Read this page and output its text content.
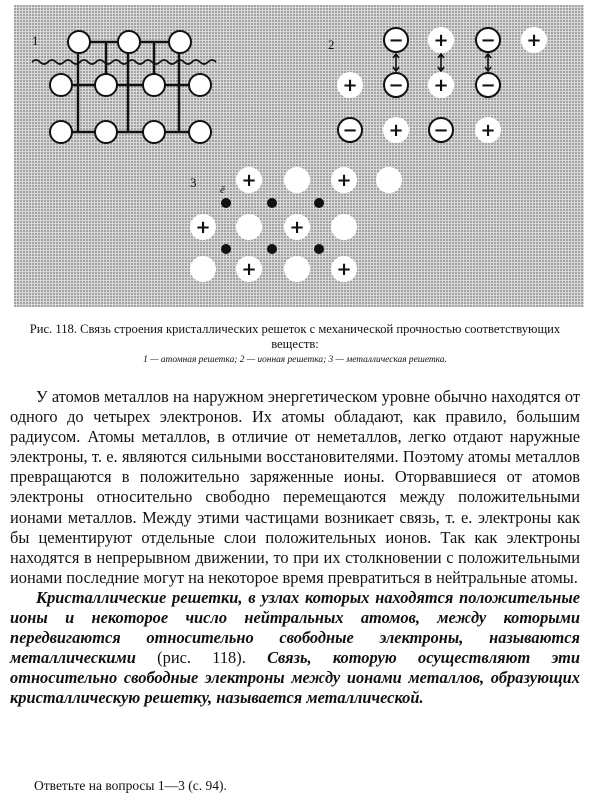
1	2	− + − +
+ − + −
− + − +
3 ē +	+
+	+
+	+
Рис. 118. Связь строения кристаллических решеток с механической прочностью соответствующих веществ:
1 — атомная решетка; 2 — ионная решетка; 3 — металлическая решетка.

У атомов металлов на наружном энергетическом уровне обычно находятся от одного до четырех электронов. Их атомы обладают, как правило, большим радиусом. Атомы металлов, в отличие от неметаллов, легко отдают наружные электроны, т. е. являются сильными восстановителями. Поэтому атомы металлов превращаются в положительно заряженные ионы. Оторвавшиеся от атомов электроны относительно свободно перемещаются между положительными ионами металлов. Между этими частицами возникает связь, т. е. электроны как бы цементируют отдельные слои положительных ионов. Так как электроны находятся в непрерывном движении, то при их столкновении с положительными ионами последние могут на некоторое время превратиться в нейтральные атомы.

Кристаллические решетки, в узлах которых находятся положительные ионы и некоторое число нейтральных атомов, между которыми передвигаются относительно свободные электроны, называются металлическими (рис. 118). Связь, которую осуществляют эти относительно свободные электроны между ионами металлов, образующих кристаллическую решетку, называется металлической.

Ответьте на вопросы 1—3 (с. 94).
